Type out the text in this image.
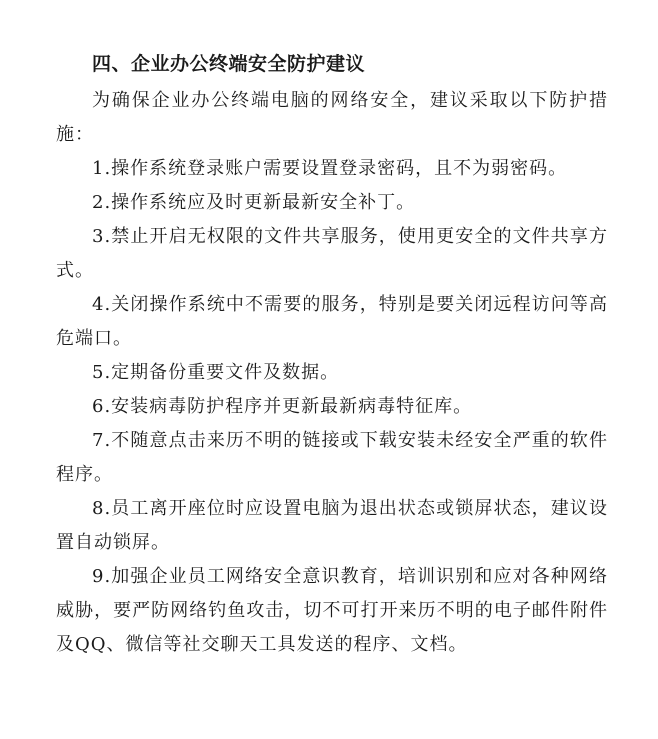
四、企业办公终端安全防护建议

为确保企业办公终端电脑的网络安全，建议采取以下防护措施：

1.操作系统登录账户需要设置登录密码，且不为弱密码。

2.操作系统应及时更新最新安全补丁。

3.禁止开启无权限的文件共享服务，使用更安全的文件共享方式。

4.关闭操作系统中不需要的服务，特别是要关闭远程访问等高危端口。

5.定期备份重要文件及数据。

6.安装病毒防护程序并更新最新病毒特征库。

7.不随意点击来历不明的链接或下载安装未经安全严重的软件程序。

8.员工离开座位时应设置电脑为退出状态或锁屏状态，建议设置自动锁屏。

9.加强企业员工网络安全意识教育，培训识别和应对各种网络威胁，要严防网络钓鱼攻击，切不可打开来历不明的电子邮件附件及QQ、微信等社交聊天工具发送的程序、文档。
